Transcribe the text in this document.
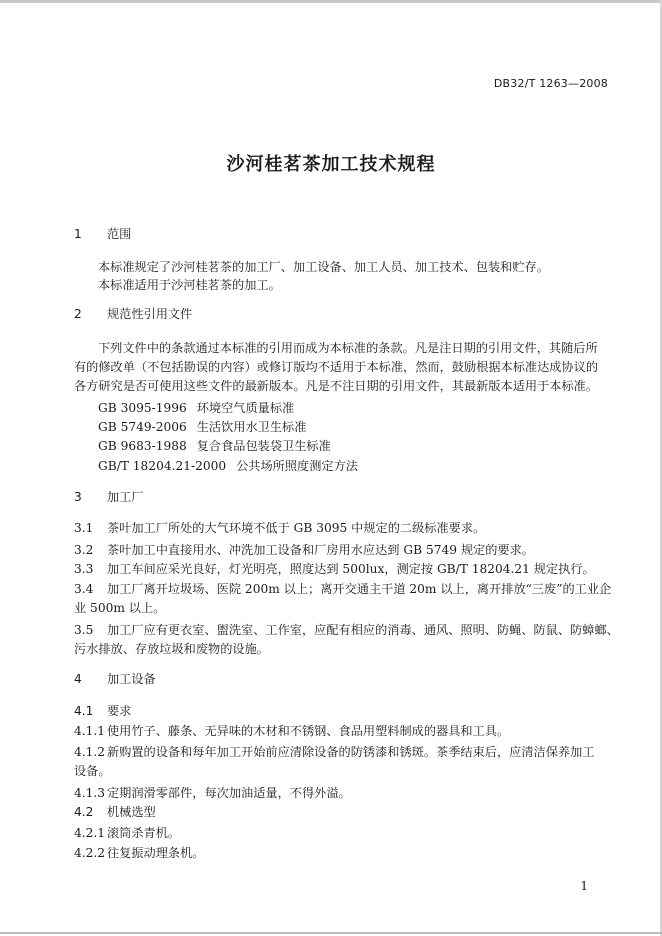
DB32/T 1263—2008
沙河桂茗茶加工技术规程
1 范围
本标准规定了沙河桂茗茶的加工厂、加工设备、加工人员、加工技术、包装和贮存。
本标准适用于沙河桂茗茶的加工。
2 规范性引用文件
下列文件中的条款通过本标准的引用而成为本标准的条款。凡是注日期的引用文件，其随后所
有的修改单（不包括勘误的内容）或修订版均不适用于本标准，然而，鼓励根据本标准达成协议的
各方研究是否可使用这些文件的最新版本。凡是不注日期的引用文件，其最新版本适用于本标准。
GB 3095-1996 环境空气质量标准
GB 5749-2006 生活饮用水卫生标准
GB 9683-1988 复合食品包装袋卫生标准
GB/T 18204.21-2000 公共场所照度测定方法
3 加工厂
3.1 茶叶加工厂所处的大气环境不低于 GB 3095 中规定的二级标准要求。
3.2 茶叶加工中直接用水、冲洗加工设备和厂房用水应达到 GB 5749 规定的要求。
3.3 加工车间应采光良好，灯光明亮，照度达到 500lux，测定按 GB/T 18204.21 规定执行。
3.4 加工厂离开垃圾场、医院 200m 以上；离开交通主干道 20m 以上，离开排放“三废”的工业企
业 500m 以上。
3.5 加工厂应有更衣室、盥洗室、工作室，应配有相应的消毒、通风、照明、防蝇、防鼠、防蟑螂、
污水排放、存放垃圾和废物的设施。
4 加工设备
4.1 要求
4.1.1 使用竹子、藤条、无异味的木材和不锈钢、食品用塑料制成的器具和工具。
4.1.2 新购置的设备和每年加工开始前应清除设备的防锈漆和锈斑。茶季结束后，应清洁保养加工
设备。
4.1.3 定期润滑零部件，每次加油适量，不得外溢。
4.2 机械选型
4.2.1 滚筒杀青机。
4.2.2 往复振动理条机。
1
